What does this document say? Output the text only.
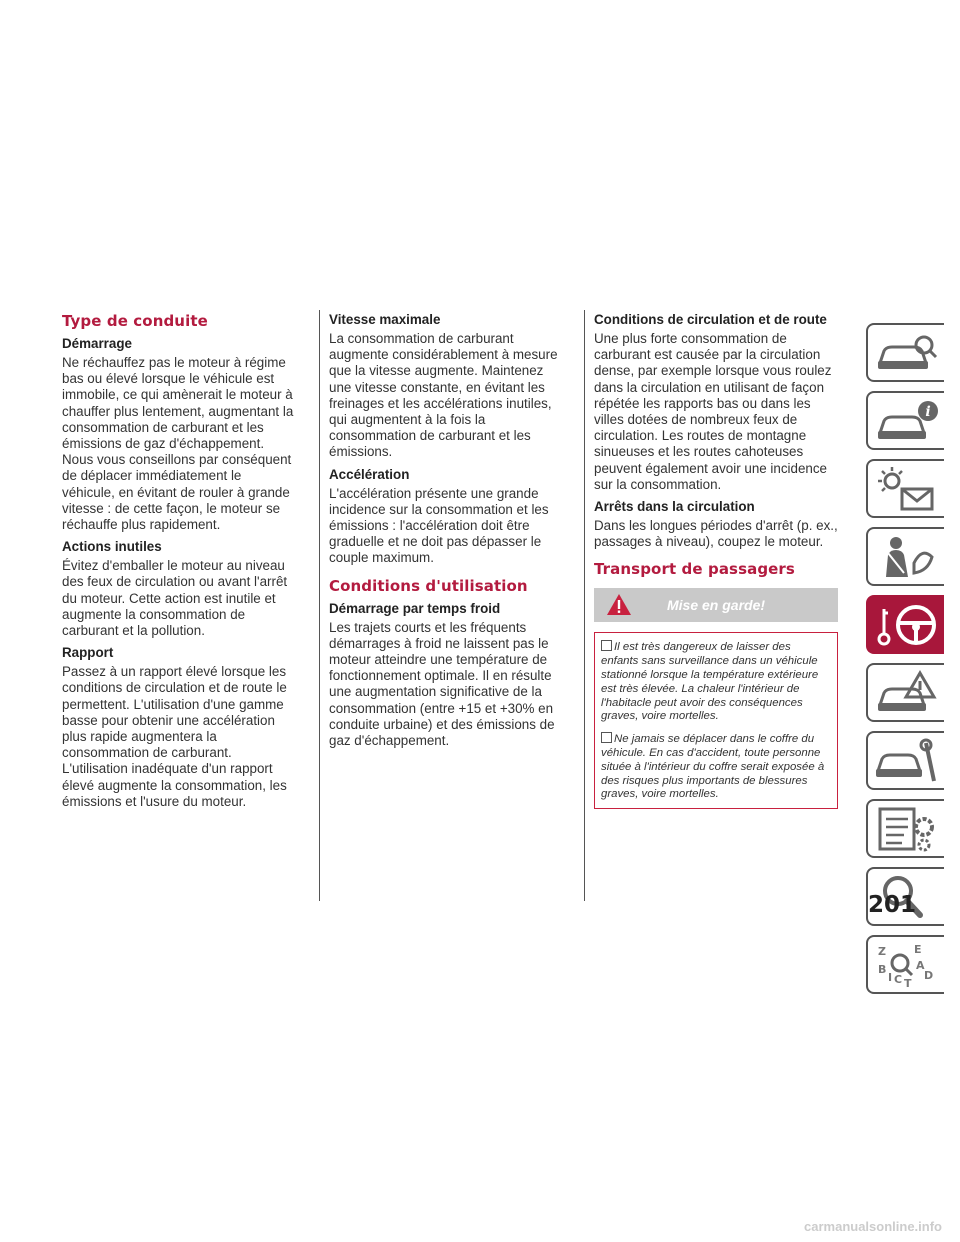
Type de conduite
Démarrage

Ne réchauffez pas le moteur à régime bas ou élevé lorsque le véhicule est immobile, ce qui amènerait le moteur à chauffer plus lentement, augmentant la consommation de carburant et les émissions de gaz d'échappement. Nous vous conseillons par conséquent de déplacer immédiatement le véhicule, en évitant de rouler à grande vitesse : de cette façon, le moteur se réchauffe plus rapidement.

Actions inutiles

Évitez d'emballer le moteur au niveau des feux de circulation ou avant l'arrêt du moteur. Cette action est inutile et augmente la consommation de carburant et la pollution.

Rapport

Passez à un rapport élevé lorsque les conditions de circulation et de route le permettent. L'utilisation d'une gamme basse pour obtenir une accélération plus rapide augmentera la consommation de carburant. L'utilisation inadéquate d'un rapport élevé augmente la consommation, les émissions et l'usure du moteur.

Vitesse maximale

La consommation de carburant augmente considérablement à mesure que la vitesse augmente. Maintenez une vitesse constante, en évitant les freinages et les accélérations inutiles, qui augmentent à la fois la consommation de carburant et les émissions.

Accélération

L'accélération présente une grande incidence sur la consommation et les émissions : l'accélération doit être graduelle et ne doit pas dépasser le couple maximum.

Conditions d'utilisation
Démarrage par temps froid

Les trajets courts et les fréquents démarrages à froid ne laissent pas le moteur atteindre une température de fonctionnement optimale. Il en résulte une augmentation significative de la consommation (entre +15 et +30% en conduite urbaine) et des émissions de gaz d'échappement.

Conditions de circulation et de route

Une plus forte consommation de carburant est causée par la circulation dense, par exemple lorsque vous roulez dans la circulation en utilisant de façon répétée les rapports bas ou dans les villes dotées de nombreux feux de circulation. Les routes de montagne sinueuses et les routes cahoteuses peuvent également avoir une incidence sur la consommation.

Arrêts dans la circulation

Dans les longues périodes d'arrêt (p. ex., passages à niveau), coupez le moteur.

Transport de passagers
Mise en garde!

Il est très dangereux de laisser des enfants sans surveillance dans un véhicule stationné lorsque la température extérieure est très élevée. La chaleur l'intérieur de l'habitacle peut avoir des conséquences graves, voire mortelles.

Ne jamais se déplacer dans le coffre du véhicule. En cas d'accident, toute personne située à l'intérieur du coffre serait exposée à des risques plus importants de blessures graves, voire mortelles.

i
Z	E
B
I C T
A
D
201
carmanualsonline.info
